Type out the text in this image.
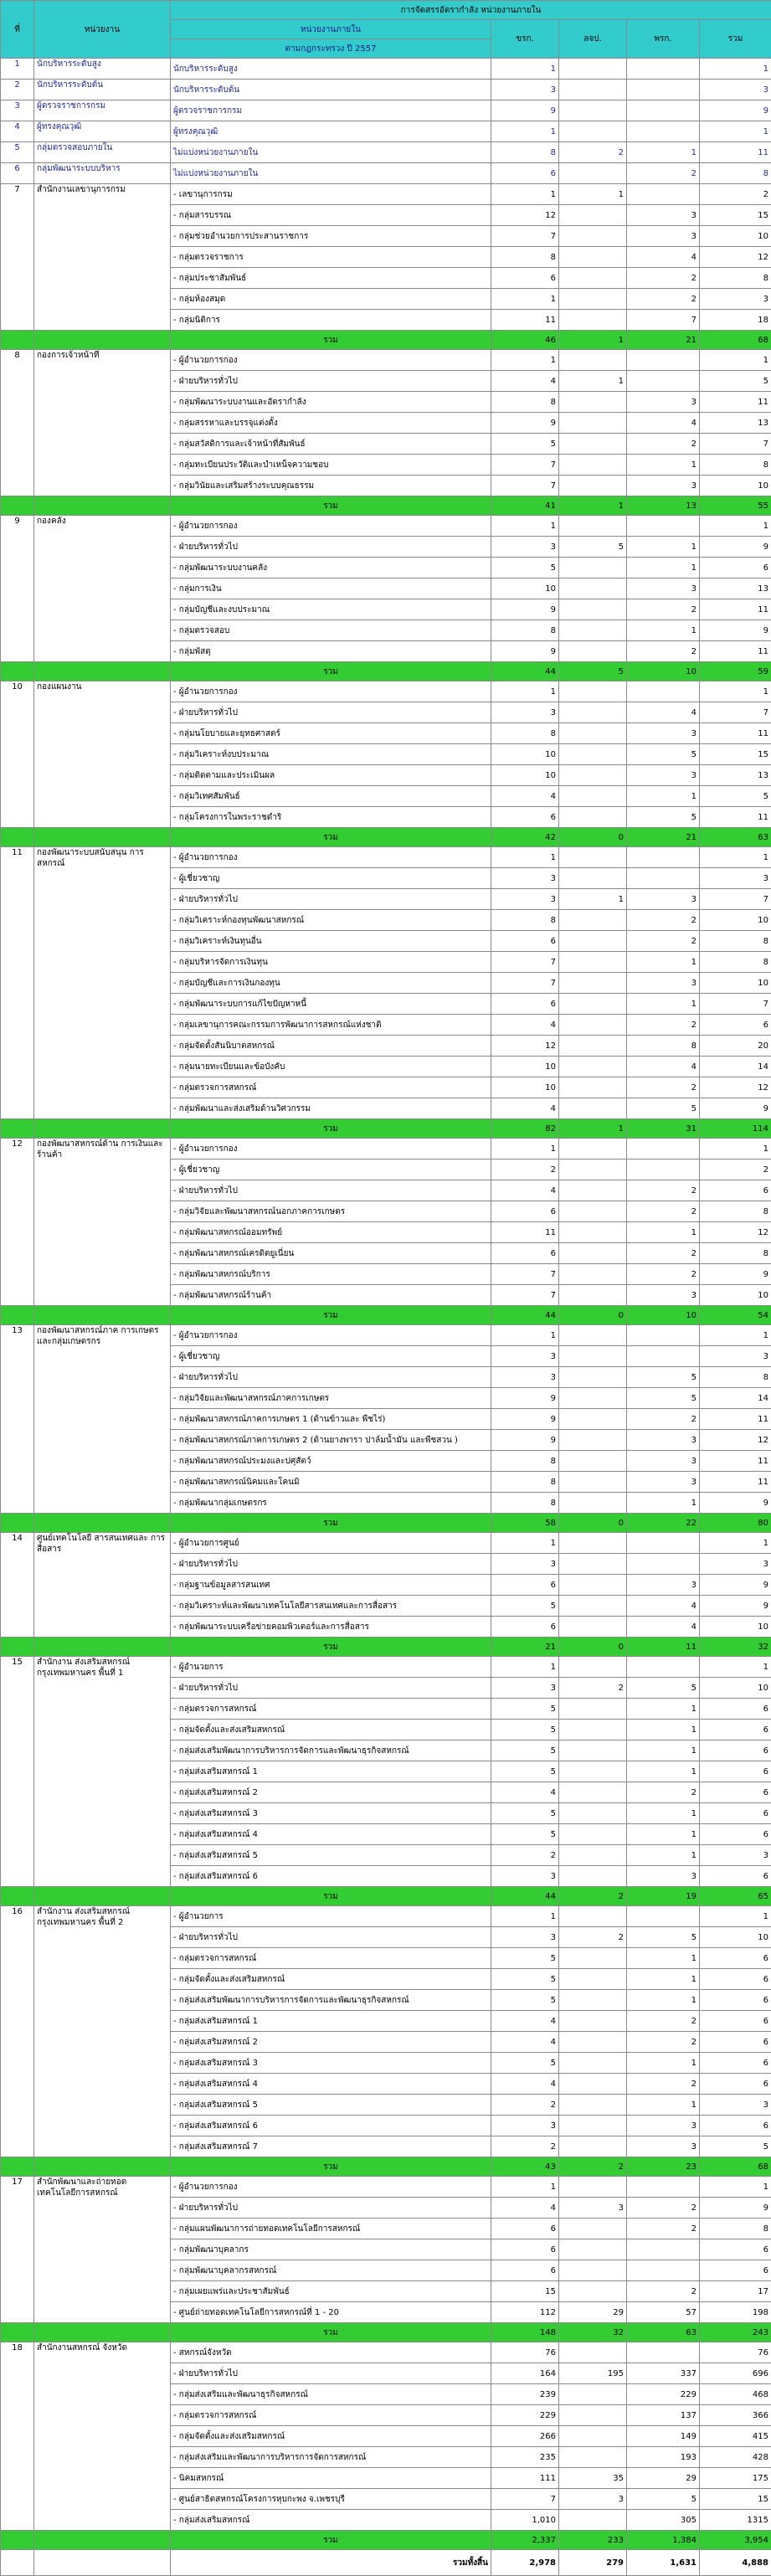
ที่	หน่วยงาน	การจัดสรรอัตรากำลัง หน่วยงานภายใน				
		หน่วยงานภายใน	ขรก.	ลจป.	พรก.	รวม
		ตามกฎกระทรวง ปี 2557				
1	นักบริหารระดับสูง	นักบริหารระดับสูง	1			1
2	นักบริหารระดับต้น	นักบริหารระดับต้น	3			3
3	ผู้ตรวจราชการกรม	ผู้ตรวจราชการกรม	9			9
4	ผู้ทรงคุณวุฒิ	ผู้ทรงคุณวุฒิ	1			1
5	กลุ่มตรวจสอบภายใน	ไม่แบ่งหน่วยงานภายใน	8	2	1	11
6	กลุ่มพัฒนาระบบบริหาร	ไม่แบ่งหน่วยงานภายใน	6		2	8
7	สำนักงานเลขานุการกรม	- เลขานุการกรม	1	1		2
		- กลุ่มสารบรรณ	12		3	15
		- กลุ่มช่วยอำนวยการประสานราชการ	7		3	10
		- กลุ่มตรวจราชการ	8		4	12
		- กลุ่มประชาสัมพันธ์	6		2	8
		- กลุ่มห้องสมุด	1		2	3
		- กลุ่มนิติการ	11		7	18
		รวม	46	1	21	68
8	กองการเจ้าหน้าที่	- ผู้อำนวยการกอง	1			1
		- ฝ่ายบริหารทั่วไป	4	1		5
		- กลุ่มพัฒนาระบบงานและอัตรากำลัง	8		3	11
		- กลุ่มสรรหาและบรรจุแต่งตั้ง	9		4	13
		- กลุ่มสวัสดิการและเจ้าหน้าที่สัมพันธ์	5		2	7
		- กลุ่มทะเบียนประวัติและบำเหน็จความชอบ	7		1	8
		- กลุ่มวินัยและเสริมสร้างระบบคุณธรรม	7		3	10
		รวม	41	1	13	55
9	กองคลัง	- ผู้อำนวยการกอง	1			1
		- ฝ่ายบริหารทั่วไป	3	5	1	9
		- กลุ่มพัฒนาระบบงานคลัง	5		1	6
		- กลุ่มการเงิน	10		3	13
		- กลุ่มบัญชีและงบประมาณ	9		2	11
		- กลุ่มตรวจสอบ	8		1	9
		- กลุ่มพัสดุ	9		2	11
		รวม	44	5	10	59
10	กองแผนงาน	- ผู้อำนวยการกอง	1			1
		- ฝ่ายบริหารทั่วไป	3		4	7
		- กลุ่มนโยบายและยุทธศาสตร์	8		3	11
		- กลุ่มวิเคราะห์งบประมาณ	10		5	15
		- กลุ่มติดตามและประเมินผล	10		3	13
		- กลุ่มวิเทศสัมพันธ์	4		1	5
		- กลุ่มโครงการในพระราชดำริ	6		5	11
		รวม	42	0	21	63
11	กองพัฒนาระบบสนับสนุน การสหกรณ์	- ผู้อำนวยการกอง	1			1
		- ผู้เชี่ยวชาญ	3			3
		- ฝ่ายบริหารทั่วไป	3	1	3	7
		- กลุ่มวิเคราะห์กองทุนพัฒนาสหกรณ์	8		2	10
		- กลุ่มวิเคราะห์เงินทุนอื่น	6		2	8
		- กลุ่มบริหารจัดการเงินทุน	7		1	8
		- กลุ่มบัญชีและการเงินกองทุน	7		3	10
		- กลุ่มพัฒนาระบบการแก้ไขปัญหาหนี้	6		1	7
		- กลุ่มเลขานุการคณะกรรมการพัฒนาการสหกรณ์แห่งชาติ	4		2	6
		- กลุ่มจัดตั้งสันนิบาตสหกรณ์	12		8	20
		- กลุ่มนายทะเบียนและข้อบังคับ	10		4	14
		- กลุ่มตรวจการสหกรณ์	10		2	12
		- กลุ่มพัฒนาและส่งเสริมด้านวิศวกรรม	4		5	9
		รวม	82	1	31	114
12	กองพัฒนาสหกรณ์ด้าน การเงินและร้านค้า	- ผู้อำนวยการกอง	1			1
		- ผู้เชี่ยวชาญ	2			2
		- ฝ่ายบริหารทั่วไป	4		2	6
		- กลุ่มวิจัยและพัฒนาสหกรณ์นอกภาคการเกษตร	6		2	8
		- กลุ่มพัฒนาสหกรณ์ออมทรัพย์	11		1	12
		- กลุ่มพัฒนาสหกรณ์เครดิตยูเนี่ยน	6		2	8
		- กลุ่มพัฒนาสหกรณ์บริการ	7		2	9
		- กลุ่มพัฒนาสหกรณ์ร้านค้า	7		3	10
		รวม	44	0	10	54
13	กองพัฒนาสหกรณ์ภาค การเกษตรและกลุ่มเกษตรกร	- ผู้อำนวยการกอง	1			1
		- ผู้เชี่ยวชาญ	3			3
		- ฝ่ายบริหารทั่วไป	3		5	8
		- กลุ่มวิจัยและพัฒนาสหกรณ์ภาคการเกษตร	9		5	14
		- กลุ่มพัฒนาสหกรณ์ภาคการเกษตร 1 (ด้านข้าวและ พืชไร่)	9		2	11
		- กลุ่มพัฒนาสหกรณ์ภาคการเกษตร 2 (ด้านยางพารา ปาล์มน้ำมัน และพืชสวน )	9		3	12
		- กลุ่มพัฒนาสหกรณ์ประมงและปศุสัตว์	8		3	11
		- กลุ่มพัฒนาสหกรณ์นิคมและโคนมิ	8		3	11
		- กลุ่มพัฒนากลุ่มเกษตรกร	8		1	9
		รวม	58	0	22	80
14	ศูนย์เทคโนโลยี สารสนเทศและ การสื่อสาร	- ผู้อำนวยการศูนย์	1			1
		- ฝ่ายบริหารทั่วไป	3			3
		- กลุ่มฐานข้อมูลสารสนเทศ	6		3	9
		- กลุ่มวิเคราะห์และพัฒนาเทคโนโลยีสารสนเทศและการสื่อสาร	5		4	9
		- กลุ่มพัฒนาระบบเครือข่ายคอมพิวเตอร์และการสื่อสาร	6		4	10
		รวม	21	0	11	32
15	สำนักงาน ส่งเสริมสหกรณ์ กรุงเทพมหานคร พื้นที่ 1	- ผู้อำนวยการ	1			1
		- ฝ่ายบริหารทั่วไป	3	2	5	10
		- กลุ่มตรวจการสหกรณ์	5		1	6
		- กลุ่มจัดตั้งและส่งเสริมสหกรณ์	5		1	6
		- กลุ่มส่งเสริมพัฒนาการบริหารการจัดการและพัฒนาธุรกิจสหกรณ์	5		1	6
		- กลุ่มส่งเสริมสหกรณ์ 1	5		1	6
		- กลุ่มส่งเสริมสหกรณ์ 2	4		2	6
		- กลุ่มส่งเสริมสหกรณ์ 3	5		1	6
		- กลุ่มส่งเสริมสหกรณ์ 4	5		1	6
		- กลุ่มส่งเสริมสหกรณ์ 5	2		1	3
		- กลุ่มส่งเสริมสหกรณ์ 6	3		3	6
		รวม	44	2	19	65
16	สำนักงาน ส่งเสริมสหกรณ์ กรุงเทพมหานคร พื้นที่ 2	- ผู้อำนวยการ	1			1
		- ฝ่ายบริหารทั่วไป	3	2	5	10
		- กลุ่มตรวจการสหกรณ์	5		1	6
		- กลุ่มจัดตั้งและส่งเสริมสหกรณ์	5		1	6
		- กลุ่มส่งเสริมพัฒนาการบริหารการจัดการและพัฒนาธุรกิจสหกรณ์	5		1	6
		- กลุ่มส่งเสริมสหกรณ์ 1	4		2	6
		- กลุ่มส่งเสริมสหกรณ์ 2	4		2	6
		- กลุ่มส่งเสริมสหกรณ์ 3	5		1	6
		- กลุ่มส่งเสริมสหกรณ์ 4	4		2	6
		- กลุ่มส่งเสริมสหกรณ์ 5	2		1	3
		- กลุ่มส่งเสริมสหกรณ์ 6	3		3	6
		- กลุ่มส่งเสริมสหกรณ์ 7	2		3	5
		รวม	43	2	23	68
17	สำนักพัฒนาและถ่ายทอด เทคโนโลยีการสหกรณ์	- ผู้อำนวยการกอง	1			1
		- ฝ่ายบริหารทั่วไป	4	3	2	9
		- กลุ่มแผนพัฒนาการถ่ายทอดเทคโนโลยีการสหกรณ์	6		2	8
		- กลุ่มพัฒนาบุคลากร	6			6
		- กลุ่มพัฒนาบุคลากรสหกรณ์	6			6
		- กลุ่มเผยแพร่และประชาสัมพันธ์	15		2	17
		- ศูนย์ถ่ายทอดเทคโนโลยีการสหกรณ์ที่ 1 - 20	112	29	57	198
		รวม	148	32	63	243
18	สำนักงานสหกรณ์ จังหวัด	- สหกรณ์จังหวัด	76			76
		- ฝ่ายบริหารทั่วไป	164	195	337	696
		- กลุ่มส่งเสริมและพัฒนาธุรกิจสหกรณ์	239		229	468
		- กลุ่มตรวจการสหกรณ์	229		137	366
		- กลุ่มจัดตั้งและส่งเสริมสหกรณ์	266		149	415
		- กลุ่มส่งเสริมและพัฒนาการบริหารการจัดการสหกรณ์	235		193	428
		- นิคมสหกรณ์	111	35	29	175
		- ศูนย์สาธิตสหกรณ์โครงการหุบกะพง จ.เพชรบุรี	7	3	5	15
		- กลุ่มส่งเสริมสหกรณ์	1,010		305	1315
		รวม	2,337	233	1,384	3,954
		รวมทั้งสิ้น	2,978	279	1,631	4,888
